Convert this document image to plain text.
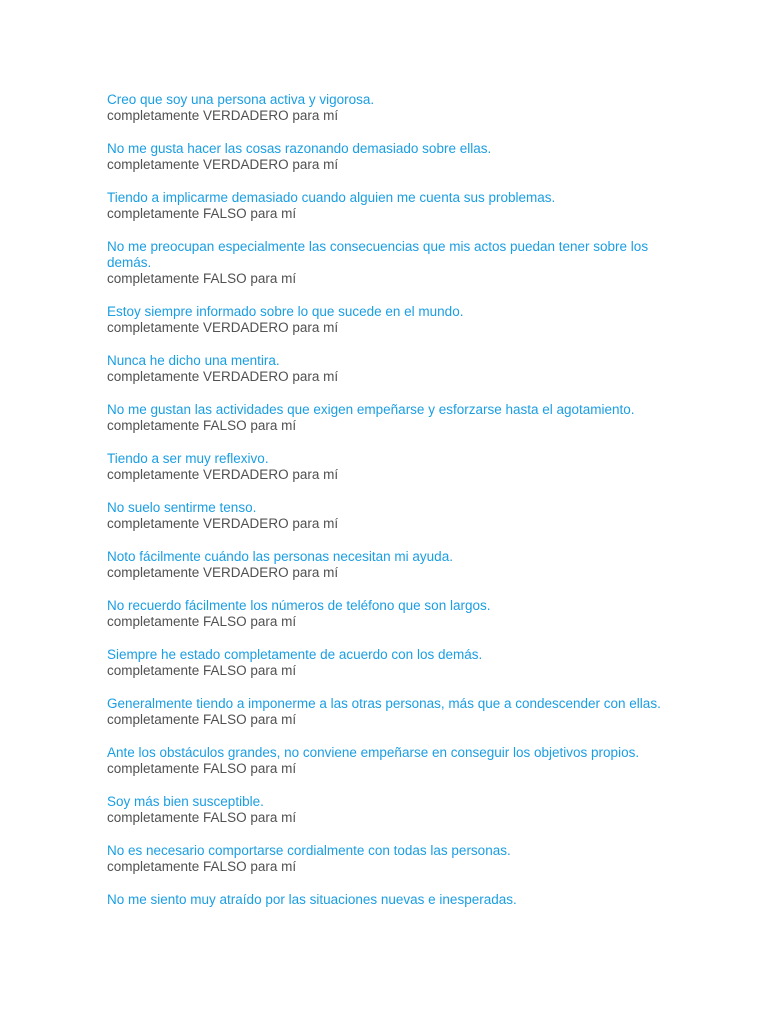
Creo que soy una persona activa y vigorosa.
completamente VERDADERO para mí
No me gusta hacer las cosas razonando demasiado sobre ellas.
completamente VERDADERO para mí
Tiendo a implicarme demasiado cuando alguien me cuenta sus problemas.
completamente FALSO para mí
No me preocupan especialmente las consecuencias que mis actos puedan tener sobre los demás.
completamente FALSO para mí
Estoy siempre informado sobre lo que sucede en el mundo.
completamente VERDADERO para mí
Nunca he dicho una mentira.
completamente VERDADERO para mí
No me gustan las actividades que exigen empeñarse y esforzarse hasta el agotamiento.
completamente FALSO para mí
Tiendo a ser muy reflexivo.
completamente VERDADERO para mí
No suelo sentirme tenso.
completamente VERDADERO para mí
Noto fácilmente cuándo las personas necesitan mi ayuda.
completamente VERDADERO para mí
No recuerdo fácilmente los números de teléfono que son largos.
completamente FALSO para mí
Siempre he estado completamente de acuerdo con los demás.
completamente FALSO para mí
Generalmente tiendo a imponerme a las otras personas, más que a condescender con ellas.
completamente FALSO para mí
Ante los obstáculos grandes, no conviene empeñarse en conseguir los objetivos propios.
completamente FALSO para mí
Soy más bien susceptible.
completamente FALSO para mí
No es necesario comportarse cordialmente con todas las personas.
completamente FALSO para mí
No me siento muy atraído por las situaciones nuevas e inesperadas.
